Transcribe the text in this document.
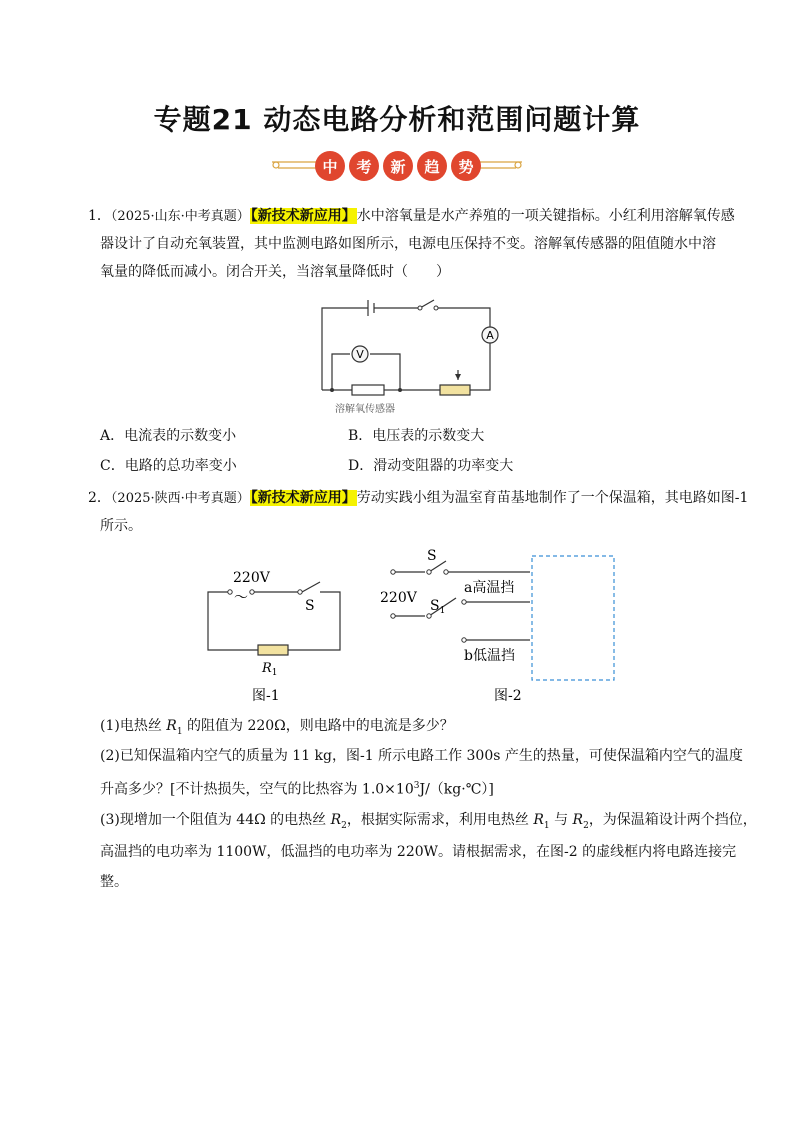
专题21 动态电路分析和范围问题计算
中 考 新 趋 势
1．（2025·山东·中考真题）【新技术新应用】水中溶氧量是水产养殖的一项关键指标。小红利用溶解氧传感
器设计了自动充氧装置，其中监测电路如图所示，电源电压保持不变。溶解氧传感器的阻值随水中溶
氧量的降低而减小。闭合开关，当溶氧量降低时（　　）
A
V
溶解氧传感器
A．电流表的示数变小	B．电压表的示数变大
C．电路的总功率变小	D．滑动变阻器的功率变大
2．（2025·陕西·中考真题）【新技术新应用】劳动实践小组为温室育苗基地制作了一个保温箱，其电路如图-1
所示。
220V
～	S
$R_1$
图-1
S
220V $S_1$
a高温挡
b低温挡
图-2
(1)电热丝 $R_1$ 的阻值为 220Ω，则电路中的电流是多少？
(2)已知保温箱内空气的质量为 11 kg，图-1 所示电路工作 300s 产生的热量，可使保温箱内空气的温度
升高多少？[不计热损失，空气的比热容为 $1.0\times 10^3J/(kg\cdot℃)$]
(3)现增加一个阻值为 44Ω 的电热丝 $R_2$，根据实际需求，利用电热丝 $R_1$ 与 $R_2$，为保温箱设计两个挡位，
高温挡的电功率为 1100W，低温挡的电功率为 220W。请根据需求，在图-2 的虚线框内将电路连接完
整。
